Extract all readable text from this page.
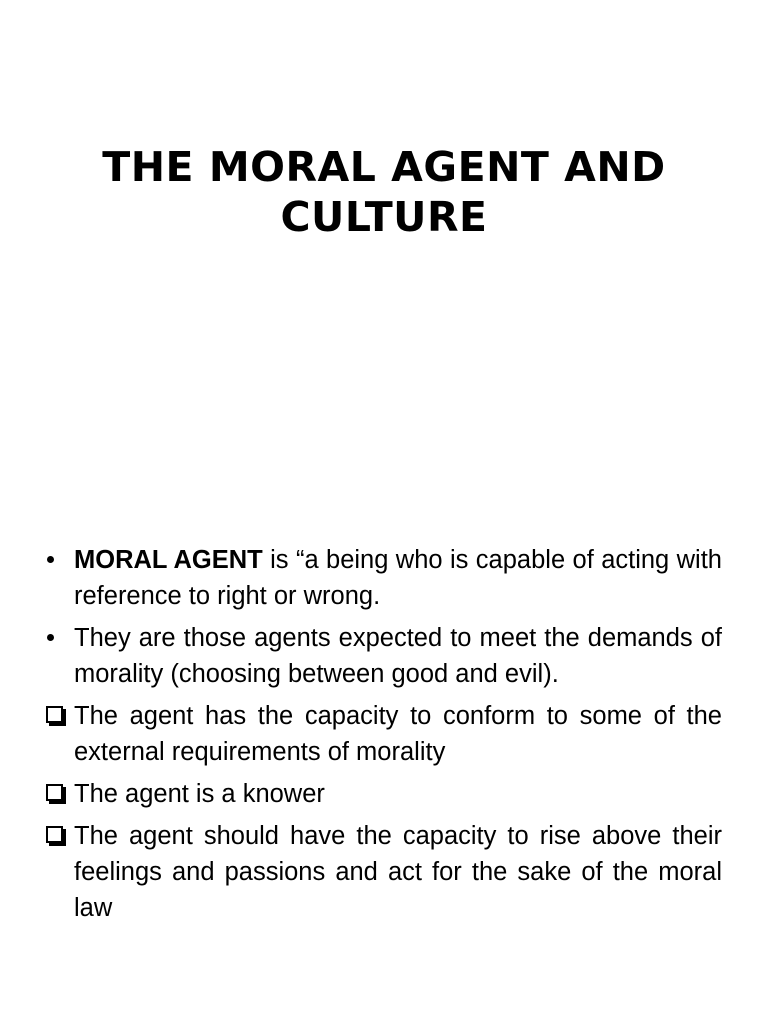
THE MORAL AGENT AND
CULTURE
MORAL AGENT is “a being who is capable of acting with reference to right or wrong.
They are those agents expected to meet the demands of morality (choosing between good and evil).
The agent has the capacity to conform to some of the external requirements of morality
The agent is a knower
The agent should have the capacity to rise above their feelings and passions and act for the sake of the moral law
